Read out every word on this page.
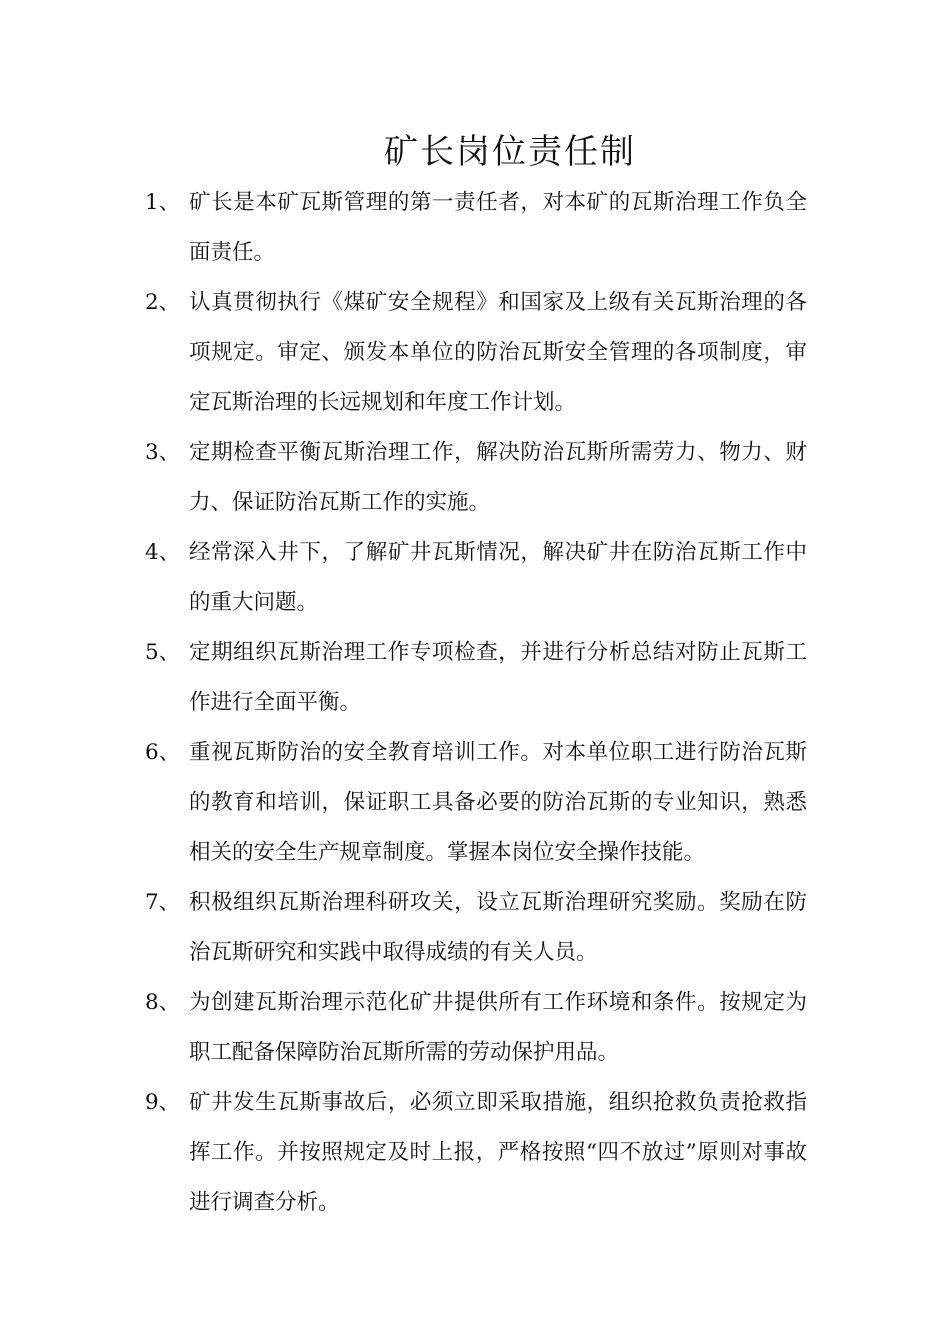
矿长岗位责任制
1、 矿长是本矿瓦斯管理的第一责任者，对本矿的瓦斯治理工作负全面责任。
2、 认真贯彻执行《煤矿安全规程》和国家及上级有关瓦斯治理的各项规定。审定、颁发本单位的防治瓦斯安全管理的各项制度，审定瓦斯治理的长远规划和年度工作计划。
3、 定期检查平衡瓦斯治理工作，解决防治瓦斯所需劳力、物力、财力、保证防治瓦斯工作的实施。
4、 经常深入井下，了解矿井瓦斯情况，解决矿井在防治瓦斯工作中的重大问题。
5、 定期组织瓦斯治理工作专项检查，并进行分析总结对防止瓦斯工作进行全面平衡。
6、 重视瓦斯防治的安全教育培训工作。对本单位职工进行防治瓦斯的教育和培训，保证职工具备必要的防治瓦斯的专业知识，熟悉相关的安全生产规章制度。掌握本岗位安全操作技能。
7、 积极组织瓦斯治理科研攻关，设立瓦斯治理研究奖励。奖励在防治瓦斯研究和实践中取得成绩的有关人员。
8、 为创建瓦斯治理示范化矿井提供所有工作环境和条件。按规定为职工配备保障防治瓦斯所需的劳动保护用品。
9、 矿井发生瓦斯事故后，必须立即采取措施，组织抢救负责抢救指挥工作。并按照规定及时上报，严格按照“四不放过”原则对事故进行调查分析。
